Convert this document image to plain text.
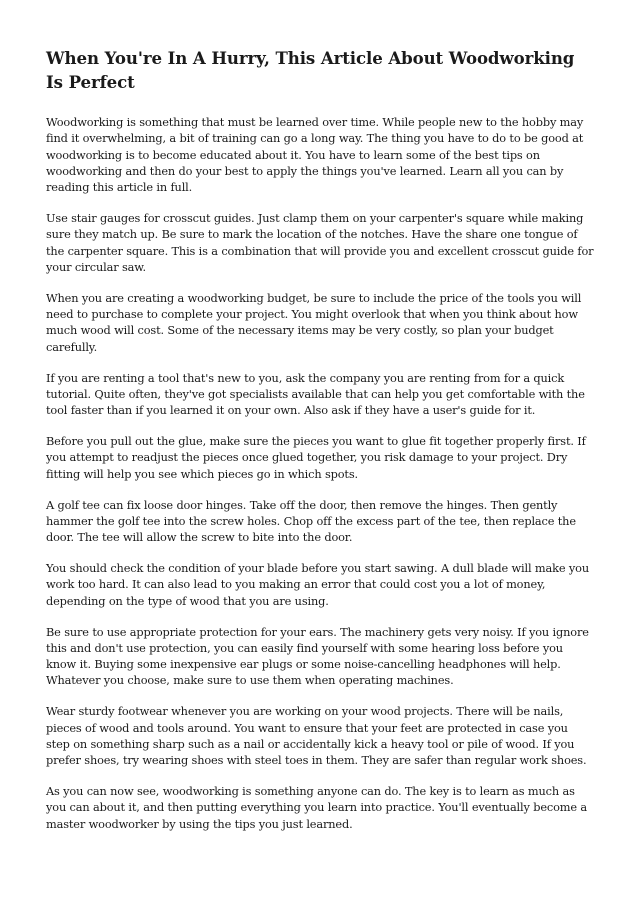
When You're In A Hurry, This Article About Woodworking Is Perfect

Woodworking is something that must be learned over time. While people new to the hobby may find it overwhelming, a bit of training can go a long way. The thing you have to do to be good at woodworking is to become educated about it. You have to learn some of the best tips on woodworking and then do your best to apply the things you've learned. Learn all you can by reading this article in full.

Use stair gauges for crosscut guides. Just clamp them on your carpenter's square while making sure they match up. Be sure to mark the location of the notches. Have the share one tongue of the carpenter square. This is a combination that will provide you and excellent crosscut guide for your circular saw.

When you are creating a woodworking budget, be sure to include the price of the tools you will need to purchase to complete your project. You might overlook that when you think about how much wood will cost. Some of the necessary items may be very costly, so plan your budget carefully.

If you are renting a tool that's new to you, ask the company you are renting from for a quick tutorial. Quite often, they've got specialists available that can help you get comfortable with the tool faster than if you learned it on your own. Also ask if they have a user's guide for it.

Before you pull out the glue, make sure the pieces you want to glue fit together properly first. If you attempt to readjust the pieces once glued together, you risk damage to your project. Dry fitting will help you see which pieces go in which spots.

A golf tee can fix loose door hinges. Take off the door, then remove the hinges. Then gently hammer the golf tee into the screw holes. Chop off the excess part of the tee, then replace the door. The tee will allow the screw to bite into the door.

You should check the condition of your blade before you start sawing. A dull blade will make you work too hard. It can also lead to you making an error that could cost you a lot of money, depending on the type of wood that you are using.

Be sure to use appropriate protection for your ears. The machinery gets very noisy. If you ignore this and don't use protection, you can easily find yourself with some hearing loss before you know it. Buying some inexpensive ear plugs or some noise-cancelling headphones will help. Whatever you choose, make sure to use them when operating machines.

Wear sturdy footwear whenever you are working on your wood projects. There will be nails, pieces of wood and tools around. You want to ensure that your feet are protected in case you step on something sharp such as a nail or accidentally kick a heavy tool or pile of wood. If you prefer shoes, try wearing shoes with steel toes in them. They are safer than regular work shoes.

As you can now see, woodworking is something anyone can do. The key is to learn as much as you can about it, and then putting everything you learn into practice. You'll eventually become a master woodworker by using the tips you just learned.
